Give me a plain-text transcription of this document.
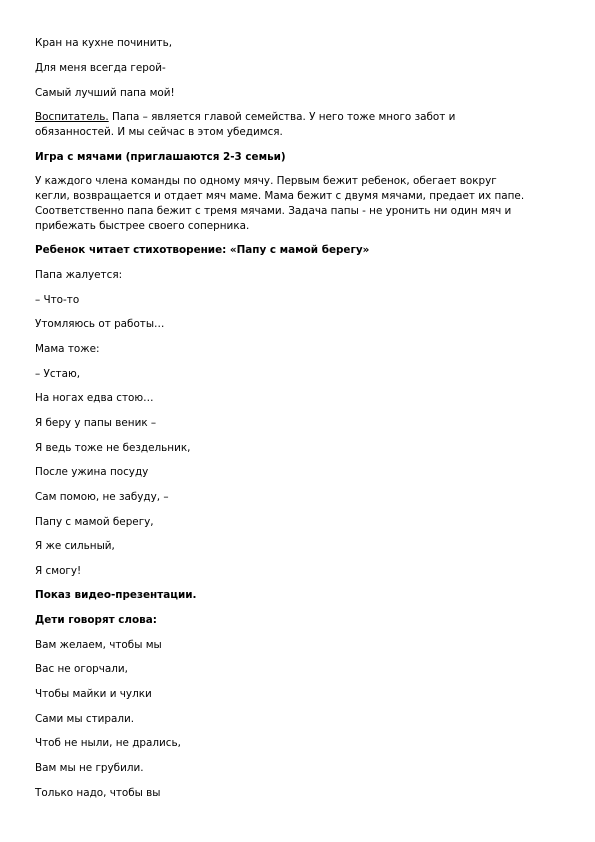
Кран на кухне починить,
Для меня всегда герой-
Самый лучший папа мой!
Воспитатель. Папа – является главой семейства. У него тоже много забот и
обязанностей. И мы сейчас в этом убедимся.
Игра с мячами (приглашаются 2-3 семьи)
У каждого члена команды по одному мячу. Первым бежит ребенок, обегает вокруг
кегли, возвращается и отдает мяч маме. Мама бежит с двумя мячами, предает их папе.
Соответственно папа бежит с тремя мячами. Задача папы - не уронить ни один мяч и
прибежать быстрее своего соперника.
Ребенок читает стихотворение: «Папу с мамой берегу»
Папа жалуется:
– Что-то
Утомляюсь от работы…
Мама тоже:
– Устаю,
На ногах едва стою…
Я беру у папы веник –
Я ведь тоже не бездельник,
После ужина посуду
Сам помою, не забуду, –
Папу с мамой берегу,
Я же сильный,
Я смогу!
Показ видео-презентации.
Дети говорят слова:
Вам желаем, чтобы мы
Вас не огорчали,
Чтобы майки и чулки
Сами мы стирали.
Чтоб не ныли, не дрались,
Вам мы не грубили.
Только надо, чтобы вы
